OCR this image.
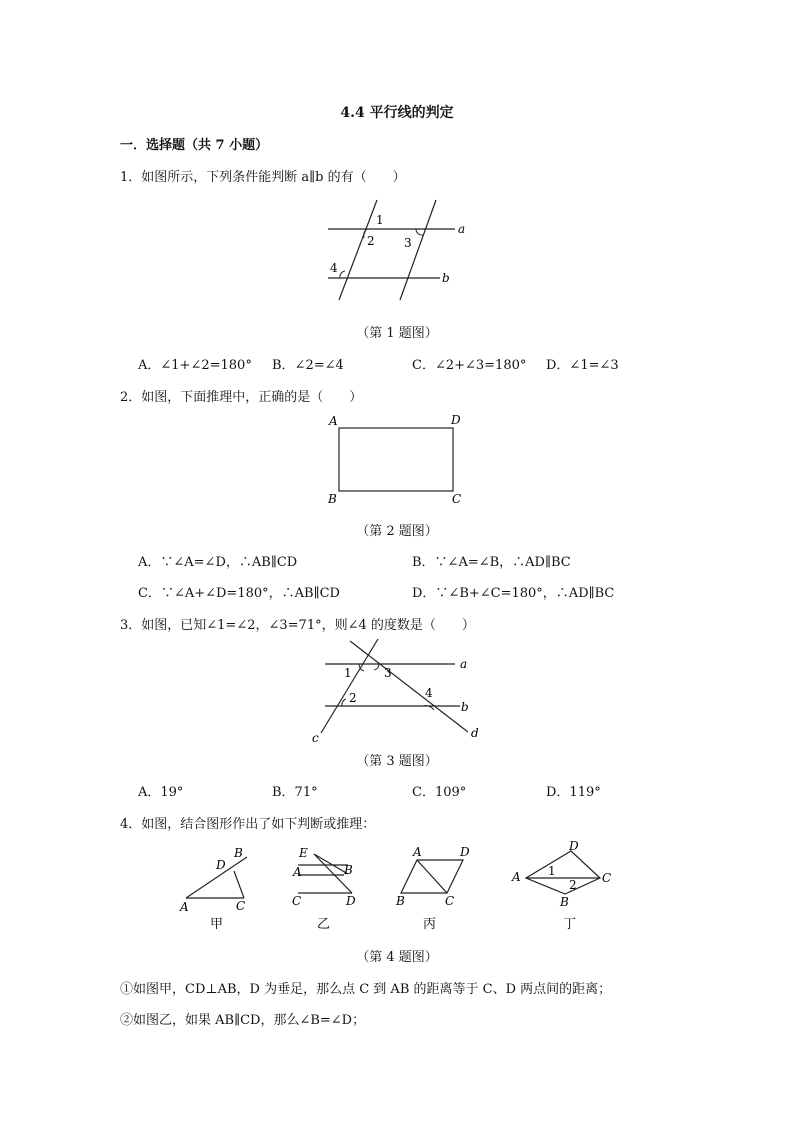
4.4 平行线的判定
一．选择题（共 7 小题）
1．如图所示，下列条件能判断 a∥b 的有（　　）
1
2 3
4
a
b
（第 1 题图）
A．∠1+∠2=180° B．∠2=∠4	C．∠2+∠3=180° D．∠1=∠3
2．如图，下面推理中，正确的是（　　）
A	D
B	C
（第 2 题图）
A．∵∠A=∠D，∴AB∥CD	B．∵∠A=∠B，∴AD∥BC
C．∵∠A+∠D=180°，∴AB∥CD	D．∵∠B+∠C=180°，∴AD∥BC
3．如图，已知∠1=∠2，∠3=71°，则∠4 的度数是（　　）
1	3
2	4
a
b
c	d
（第 3 题图）
A．19°	B．71°	C．109°	D．119°
4．如图，结合图形作出了如下判断或推理：
A
B
C
D
甲
E
A	B
C	D
乙
A	D
B	C
丙
A
D
C
B
1
2
丁
（第 4 题图）
①如图甲，CD⊥AB，D 为垂足，那么点 C 到 AB 的距离等于 C、D 两点间的距离；
②如图乙，如果 AB∥CD，那么∠B=∠D；
